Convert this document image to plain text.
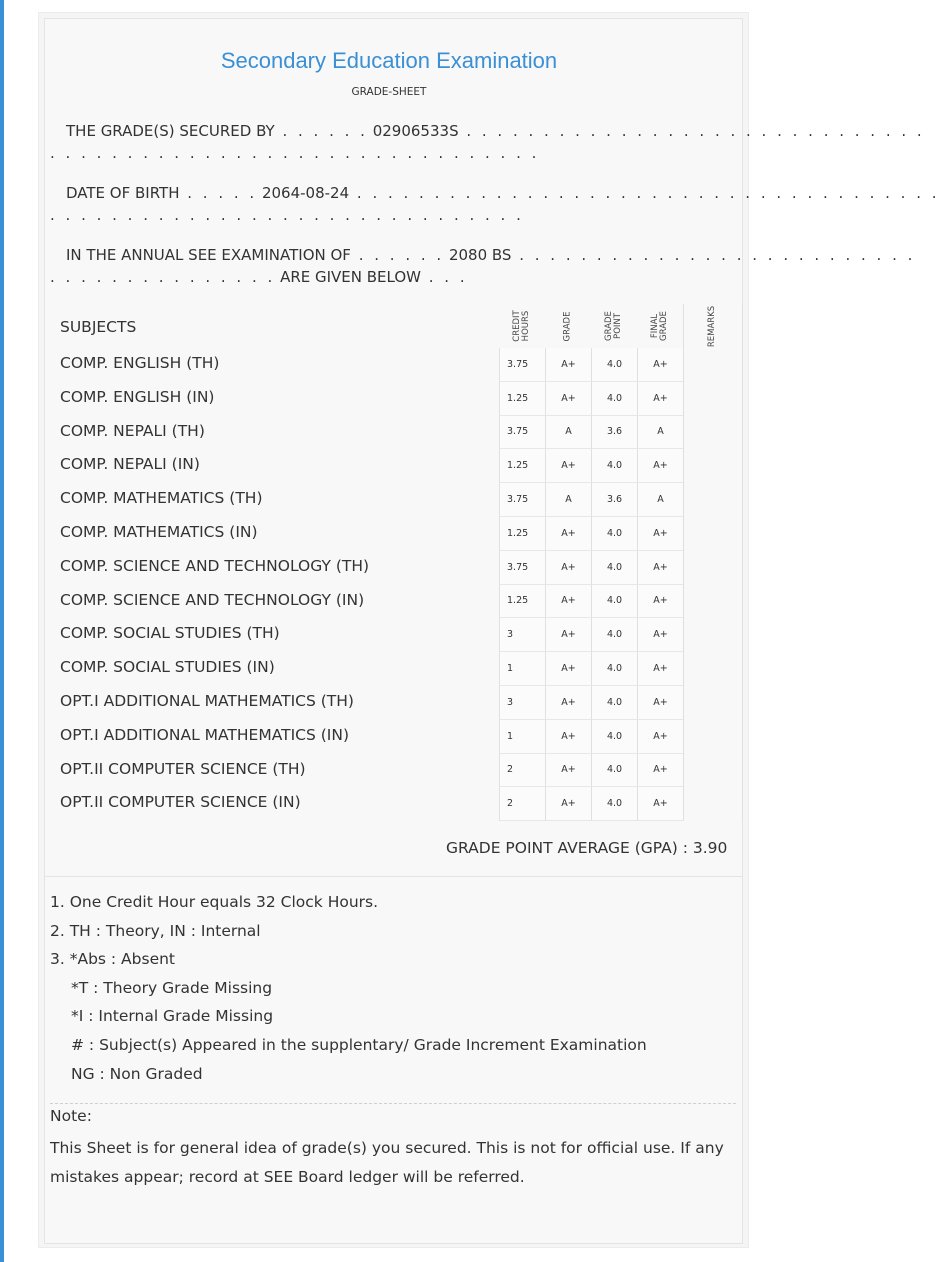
Secondary Education Examination
GRADE-SHEET
THE GRADE(S) SECURED BY . . . . . . 02906533S . . . . . . . . . . . . . . . . . . . . . . . . . . . . . .
. . . . . . . . . . . . . . . . . . . . . . . . . . . . . . . .
DATE OF BIRTH . . . . . 2064-08-24 . . . . . . . . . . . . . . . . . . . . . . . . . . . . . . . . . . . . . .
. . . . . . . . . . . . . . . . . . . . . . . . . . . . . . .
IN THE ANNUAL SEE EXAMINATION OF . . . . . . 2080 BS . . . . . . . . . . . . . . . . . . . . . . . . . .
. . . . . . . . . . . . . . . ARE GIVEN BELOW . . .
SUBJECTS	CREDIT HOURS	GRADE	GRADE POINT	FINAL GRADE	REMARKS
COMP. ENGLISH (TH)	3.75	A+	4.0	A+
COMP. ENGLISH (IN)	1.25	A+	4.0	A+
COMP. NEPALI (TH)	3.75	A	3.6	A
COMP. NEPALI (IN)	1.25	A+	4.0	A+
COMP. MATHEMATICS (TH)	3.75	A	3.6	A
COMP. MATHEMATICS (IN)	1.25	A+	4.0	A+
COMP. SCIENCE AND TECHNOLOGY (TH)	3.75	A+	4.0	A+
COMP. SCIENCE AND TECHNOLOGY (IN)	1.25	A+	4.0	A+
COMP. SOCIAL STUDIES (TH)	3	A+	4.0	A+
COMP. SOCIAL STUDIES (IN)	1	A+	4.0	A+
OPT.I ADDITIONAL MATHEMATICS (TH)	3	A+	4.0	A+
OPT.I ADDITIONAL MATHEMATICS (IN)	1	A+	4.0	A+
OPT.II COMPUTER SCIENCE (TH)	2	A+	4.0	A+
OPT.II COMPUTER SCIENCE (IN)	2	A+	4.0	A+
GRADE POINT AVERAGE (GPA) : 3.90
1. One Credit Hour equals 32 Clock Hours.
2. TH : Theory, IN : Internal
3. *Abs : Absent
*T : Theory Grade Missing
*I : Internal Grade Missing
# : Subject(s) Appeared in the supplentary/ Grade Increment Examination
NG : Non Graded
Note:
This Sheet is for general idea of grade(s) you secured. This is not for official use. If any mistakes appear; record at SEE Board ledger will be referred.
